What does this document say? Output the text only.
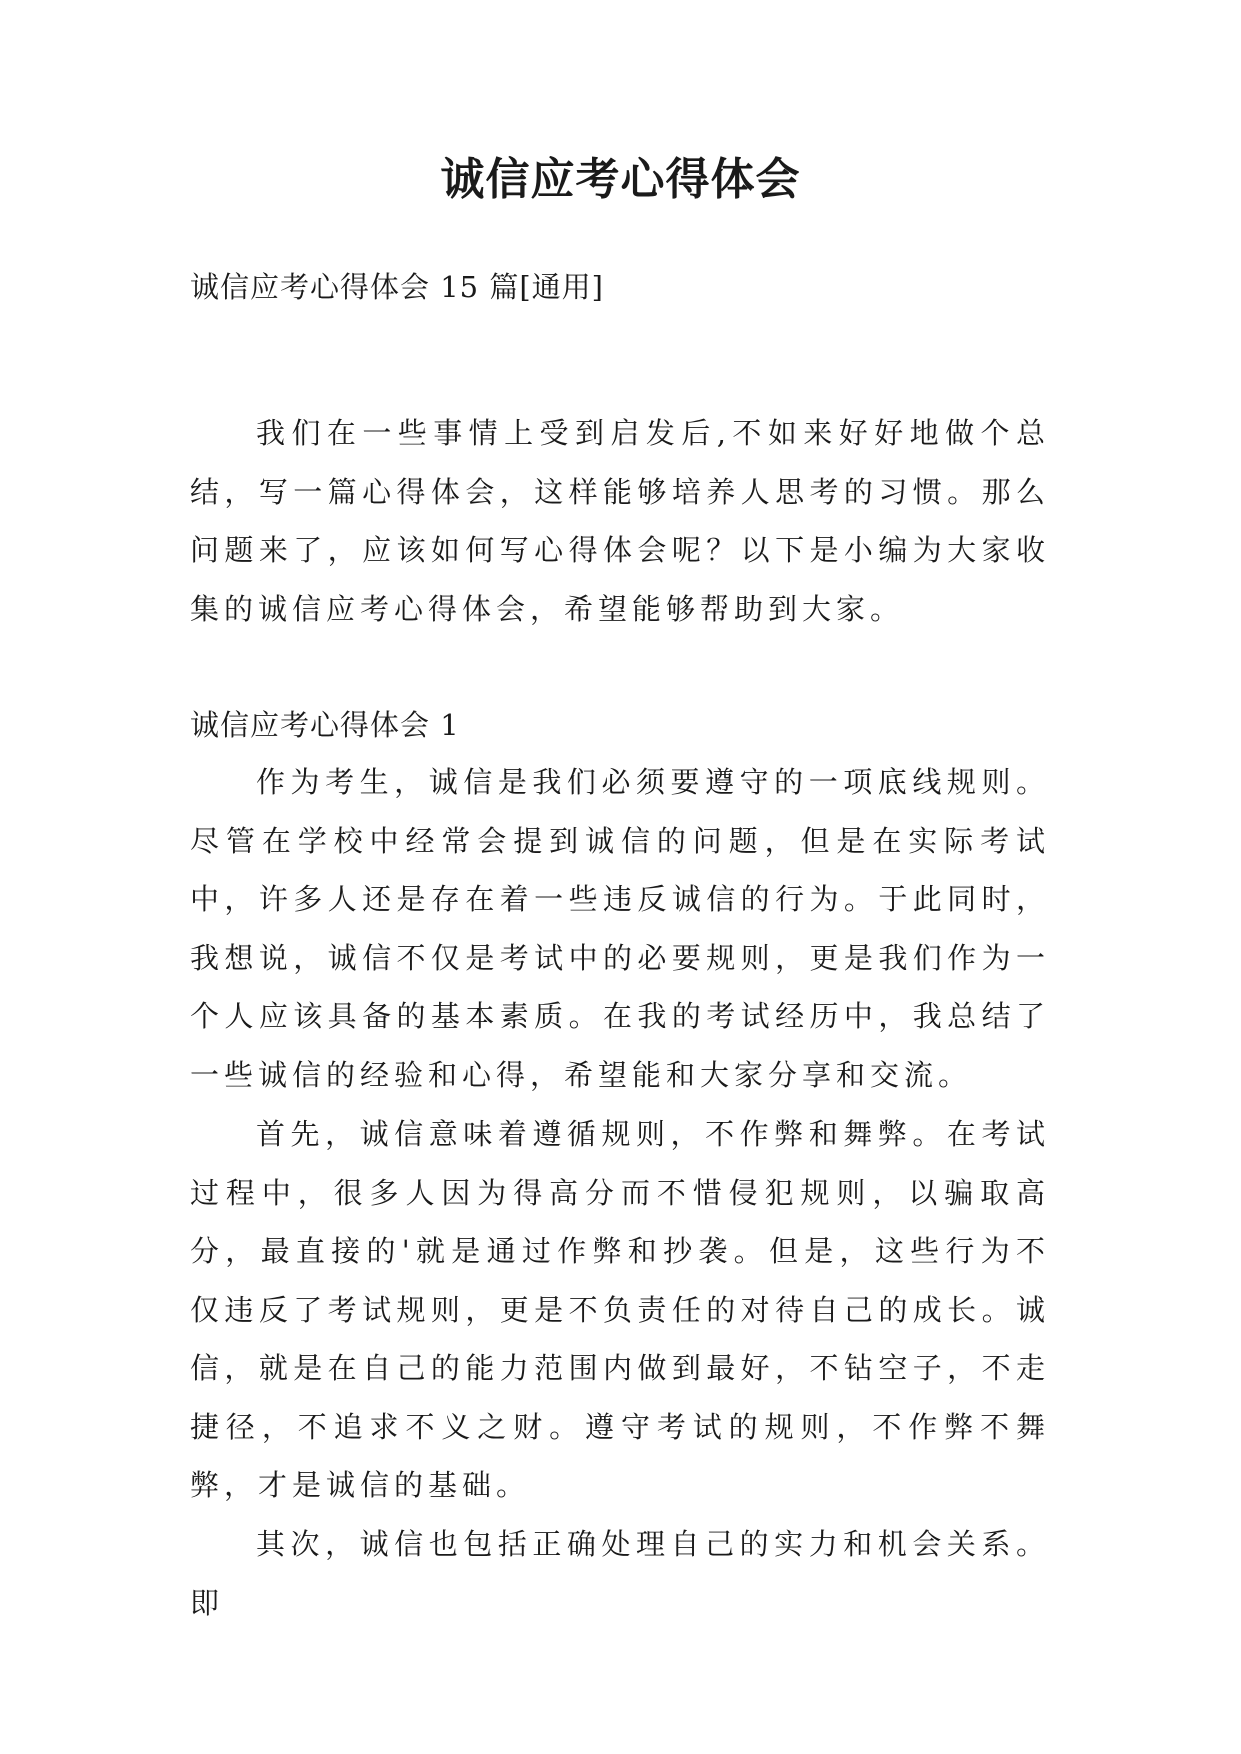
诚信应考心得体会

诚信应考心得体会 15 篇[通用]

我们在一些事情上受到启发后,不如来好好地做个总结，写一篇心得体会，这样能够培养人思考的习惯。那么问题来了，应该如何写心得体会呢？以下是小编为大家收集的诚信应考心得体会，希望能够帮助到大家。

诚信应考心得体会 1

作为考生，诚信是我们必须要遵守的一项底线规则。尽管在学校中经常会提到诚信的问题，但是在实际考试中，许多人还是存在着一些违反诚信的行为。于此同时，我想说，诚信不仅是考试中的必要规则，更是我们作为一个人应该具备的基本素质。在我的考试经历中，我总结了一些诚信的经验和心得，希望能和大家分享和交流。

首先，诚信意味着遵循规则，不作弊和舞弊。在考试过程中，很多人因为得高分而不惜侵犯规则，以骗取高分，最直接的'就是通过作弊和抄袭。但是，这些行为不仅违反了考试规则，更是不负责任的对待自己的成长。诚信，就是在自己的能力范围内做到最好，不钻空子，不走捷径，不追求不义之财。遵守考试的规则，不作弊不舞弊，才是诚信的基础。

其次，诚信也包括正确处理自己的实力和机会关系。即
